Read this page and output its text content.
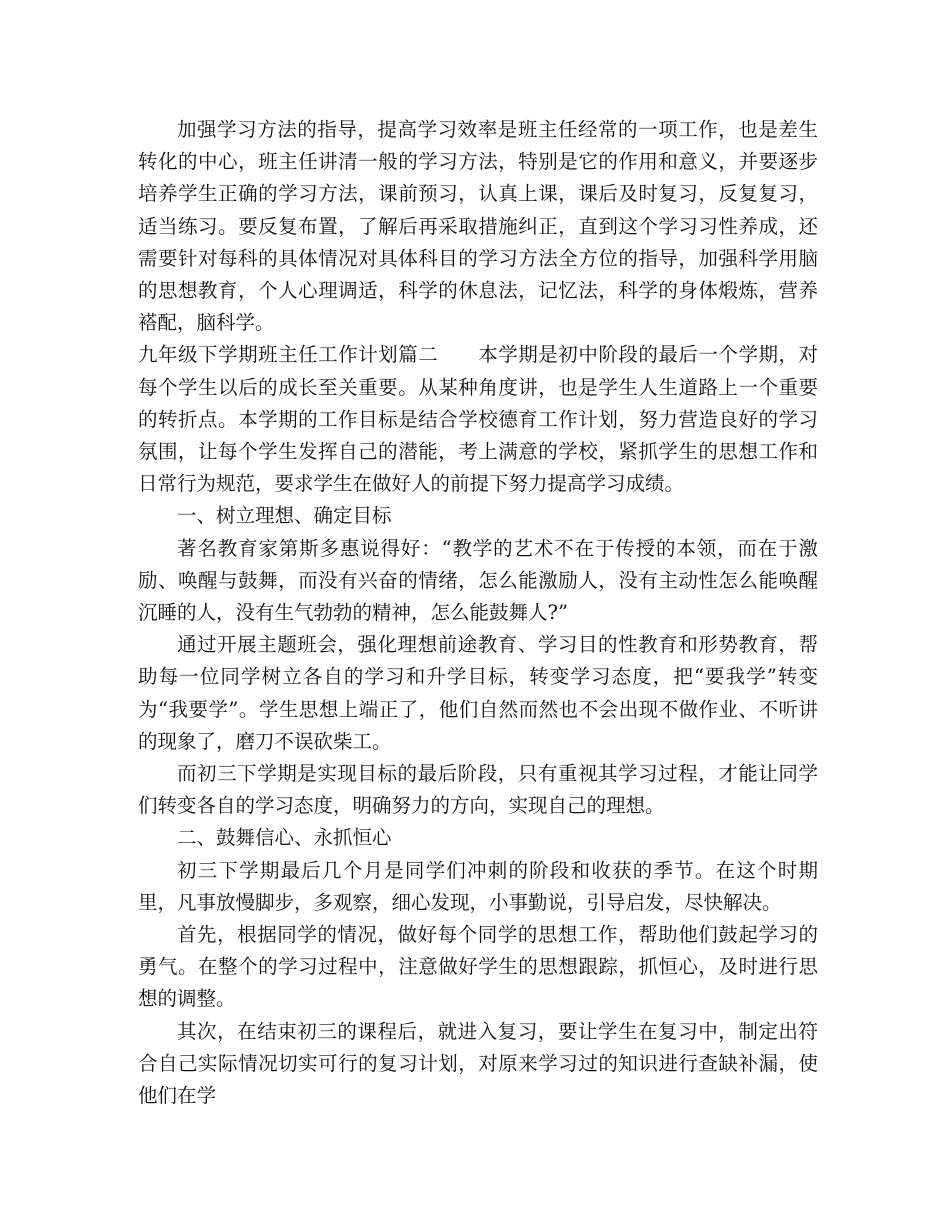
加强学习方法的指导，提高学习效率是班主任经常的一项工作，也是差生转化的中心，班主任讲清一般的学习方法，特别是它的作用和意义，并要逐步培养学生正确的学习方法，课前预习，认真上课，课后及时复习，反复复习，适当练习。要反复布置，了解后再采取措施纠正，直到这个学习习性养成，还需要针对每科的具体情况对具体科目的学习方法全方位的指导，加强科学用脑的思想教育，个人心理调适，科学的休息法，记忆法，科学的身体煅炼，营养褡配，脑科学。

九年级下学期班主任工作计划篇二　　本学期是初中阶段的最后一个学期，对每个学生以后的成长至关重要。从某种角度讲，也是学生人生道路上一个重要的转折点。本学期的工作目标是结合学校德育工作计划，努力营造良好的学习氛围，让每个学生发挥自己的潜能，考上满意的学校，紧抓学生的思想工作和日常行为规范，要求学生在做好人的前提下努力提高学习成绩。

一、树立理想、确定目标

著名教育家第斯多惠说得好：“教学的艺术不在于传授的本领，而在于激励、唤醒与鼓舞，而没有兴奋的情绪，怎么能激励人，没有主动性怎么能唤醒沉睡的人，没有生气勃勃的精神，怎么能鼓舞人?”

通过开展主题班会，强化理想前途教育、学习目的性教育和形势教育，帮助每一位同学树立各自的学习和升学目标，转变学习态度，把“要我学”转变为“我要学”。学生思想上端正了，他们自然而然也不会出现不做作业、不听讲的现象了，磨刀不误砍柴工。

而初三下学期是实现目标的最后阶段，只有重视其学习过程，才能让同学们转变各自的学习态度，明确努力的方向，实现自己的理想。

二、鼓舞信心、永抓恒心

初三下学期最后几个月是同学们冲刺的阶段和收获的季节。在这个时期里，凡事放慢脚步，多观察，细心发现，小事勤说，引导启发，尽快解决。

首先，根据同学的情况，做好每个同学的思想工作，帮助他们鼓起学习的勇气。在整个的学习过程中，注意做好学生的思想跟踪，抓恒心，及时进行思想的调整。

其次，在结束初三的课程后，就进入复习，要让学生在复习中，制定出符合自己实际情况切实可行的复习计划，对原来学习过的知识进行查缺补漏，使他们在学
